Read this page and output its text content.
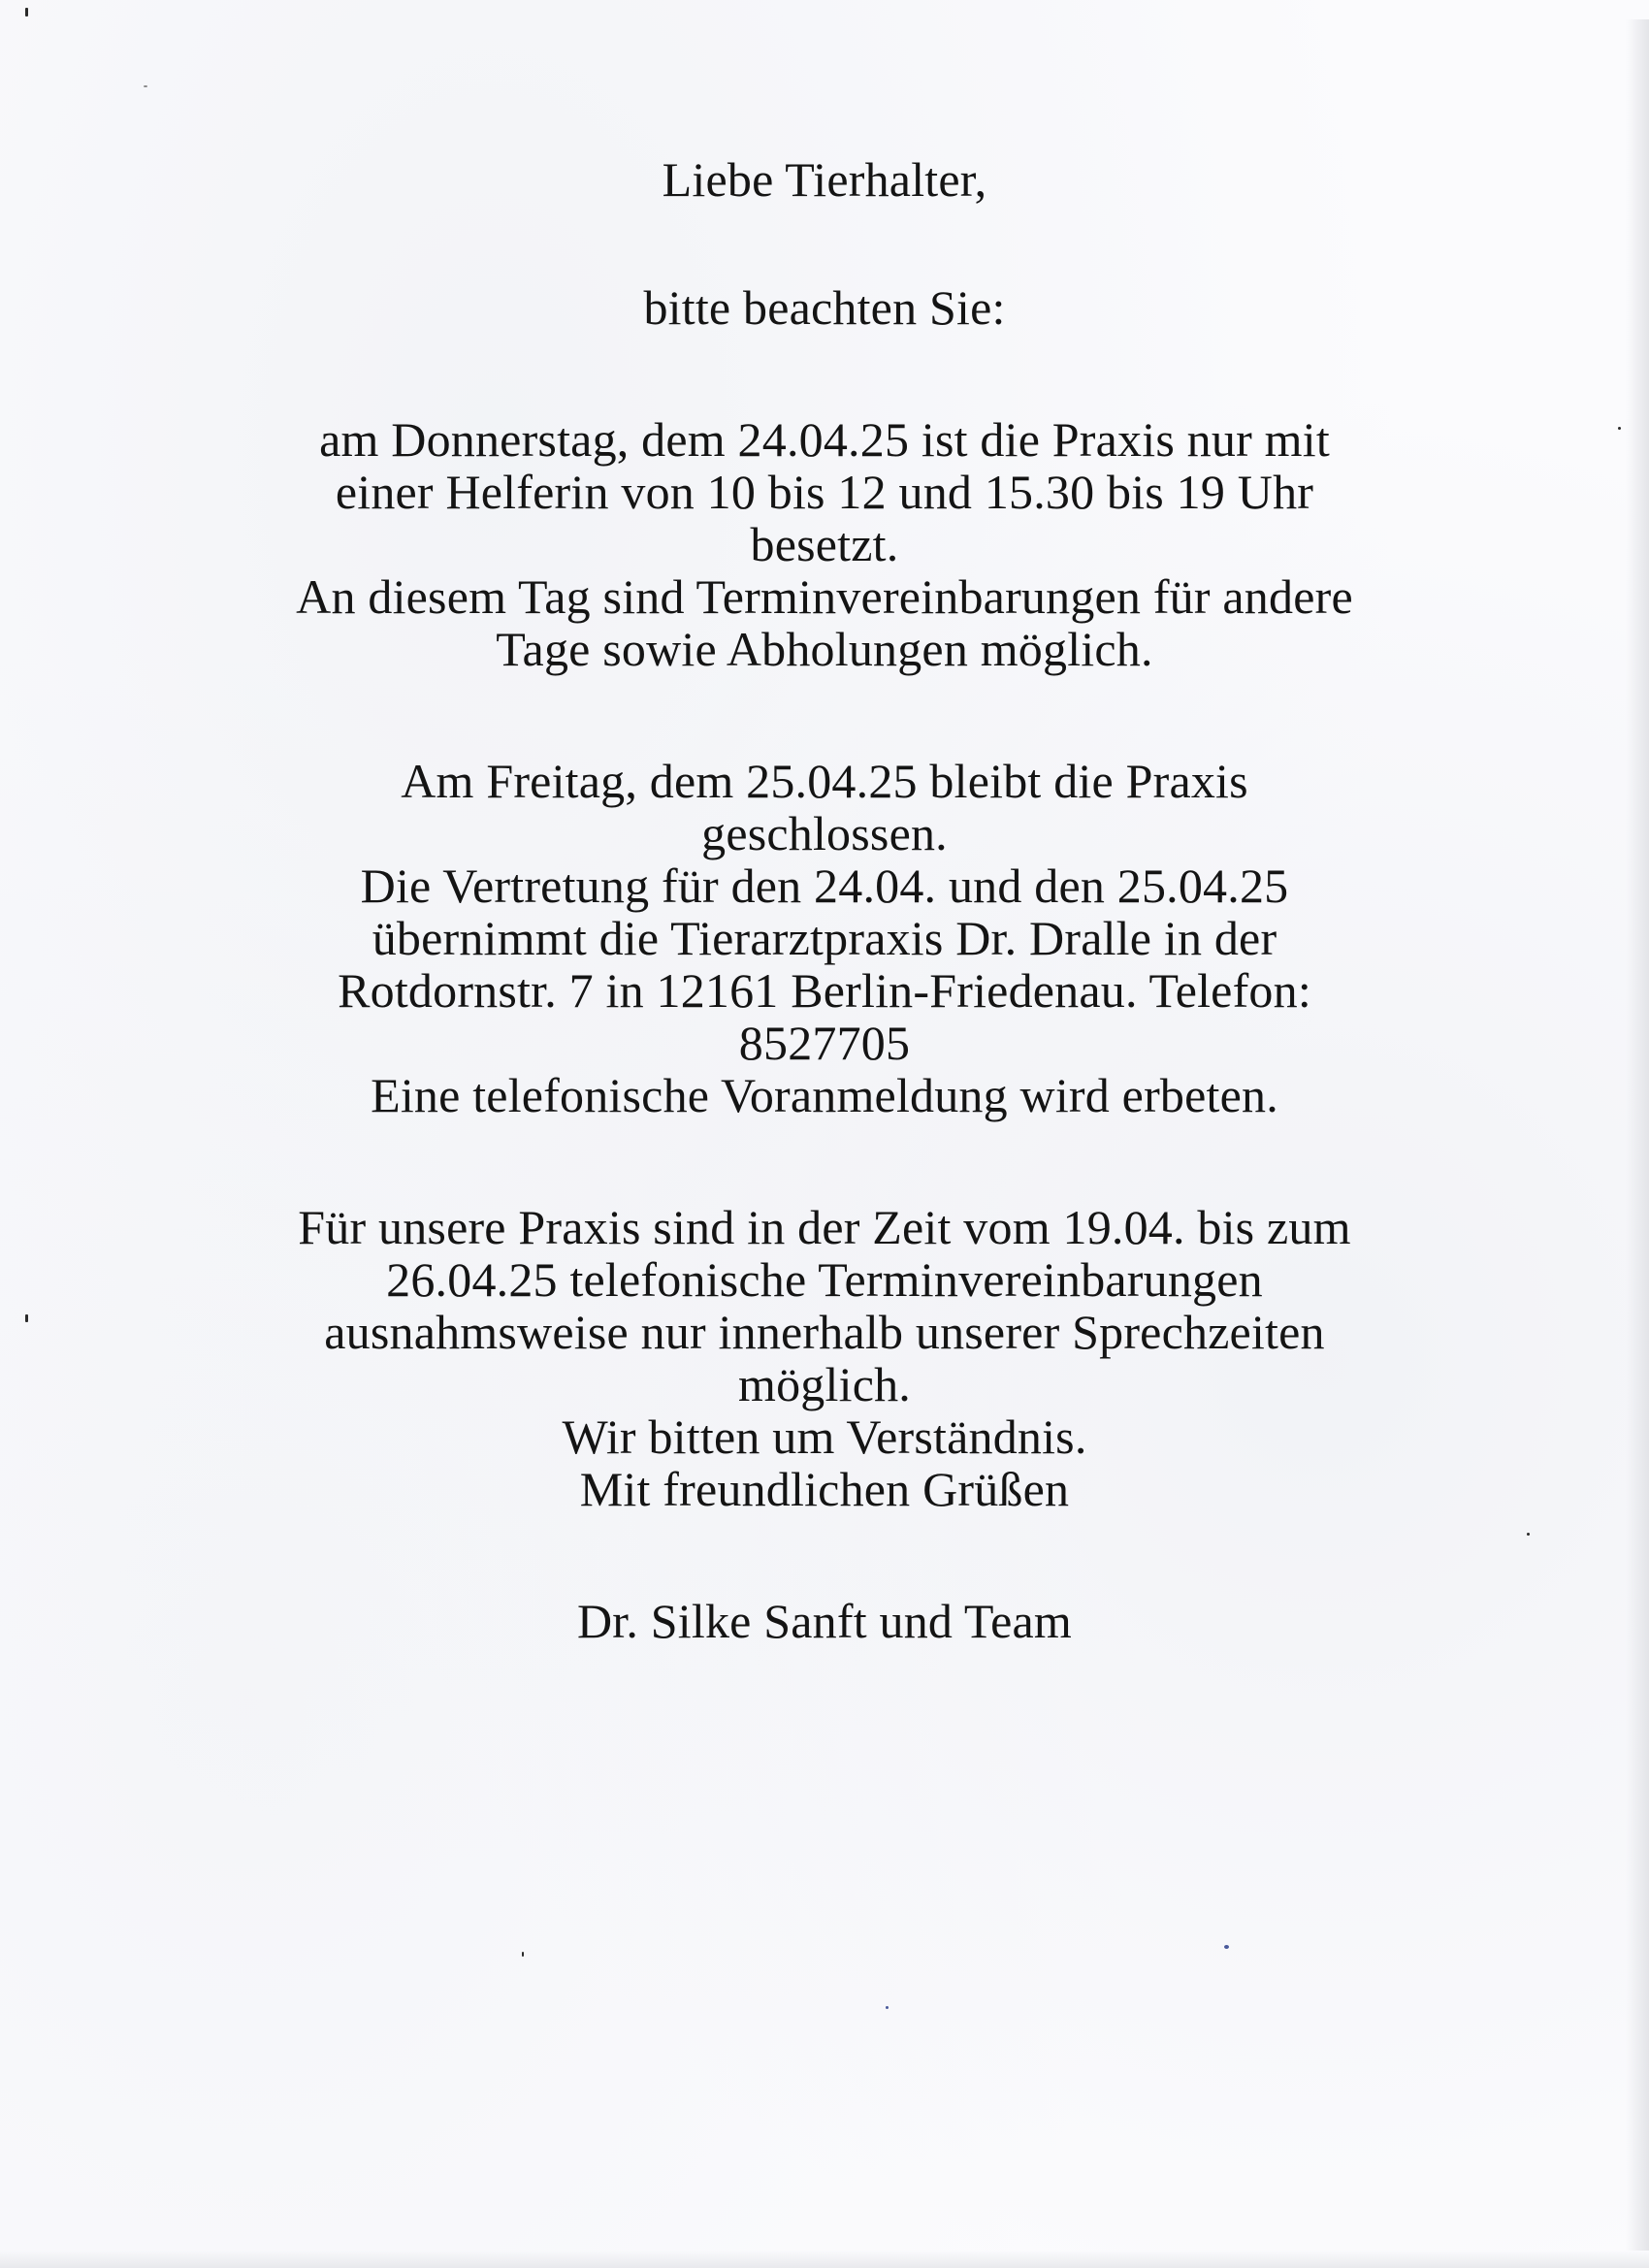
Liebe Tierhalter,
bitte beachten Sie:
am Donnerstag, dem 24.04.25 ist die Praxis nur mit
einer Helferin von 10 bis 12 und 15.30 bis 19 Uhr
besetzt.
An diesem Tag sind Terminvereinbarungen für andere
Tage sowie Abholungen möglich.
Am Freitag, dem 25.04.25 bleibt die Praxis
geschlossen.
Die Vertretung für den 24.04. und den 25.04.25
übernimmt die Tierarztpraxis Dr. Dralle in der
Rotdornstr. 7 in 12161 Berlin-Friedenau. Telefon:
8527705
Eine telefonische Voranmeldung wird erbeten.
Für unsere Praxis sind in der Zeit vom 19.04. bis zum
26.04.25 telefonische Terminvereinbarungen
ausnahmsweise nur innerhalb unserer Sprechzeiten
möglich.
Wir bitten um Verständnis.
Mit freundlichen Grüßen
Dr. Silke Sanft und Team
